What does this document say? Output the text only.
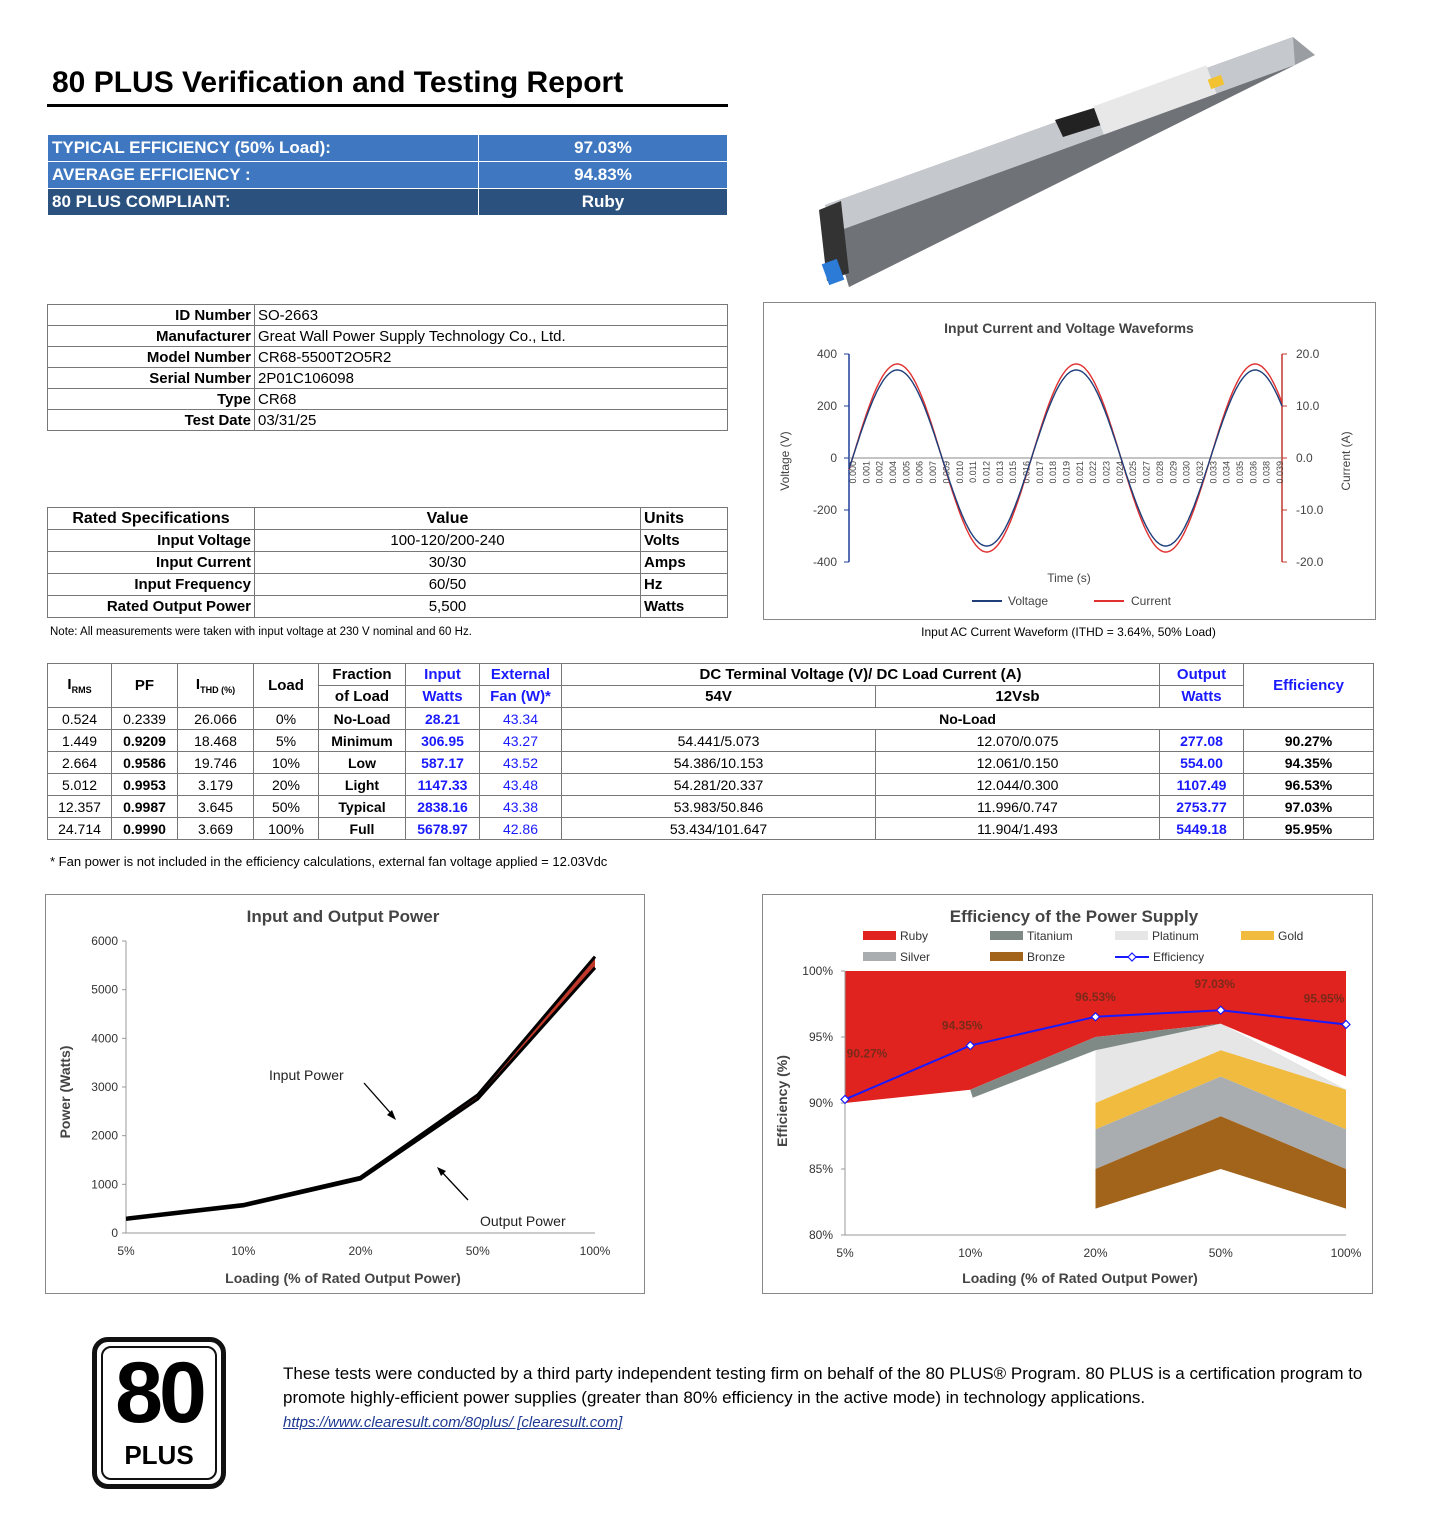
80 PLUS Verification and Testing Report
TYPICAL EFFICIENCY (50% Load):	97.03%
AVERAGE EFFICIENCY :	94.83%
80 PLUS COMPLIANT:	Ruby
ID Number	SO-2663
Manufacturer	Great Wall Power Supply Technology Co., Ltd.
Model Number	CR68-5500T2O5R2
Serial Number	2P01C106098
Type	CR68
Test Date	03/31/25
Rated Specifications	Value	Units
Input Voltage	100-120/200-240	Volts
Input Current	30/30	Amps
Input Frequency	60/50	Hz
Rated Output Power	5,500	Watts
Note: All measurements were taken with input voltage at 230 V nominal and 60 Hz.
Input Current and Voltage Waveforms
Time (s)
Voltage (V)	Current (A)
Voltage	Current
400
200
0
-200
-400
20.0
10.0
0.0
-10.0
-20.0
0.000 0.001 0.002 0.004 0.005 0.006 0.007 0.009 0.010 0.011 0.012 0.013 0.015 0.016 0.017 0.018 0.019 0.021 0.022 0.023 0.024 0.025 0.027 0.028 0.029 0.030 0.032 0.033 0.034 0.035 0.036 0.038 0.039
Input AC Current Waveform (ITHD = 3.64%, 50% Load)
$I_{RMS}$	PF	$I_{THD (\%)}$	Load	Fraction	Input	External	DC Terminal Voltage (V)/ DC Load Current (A)		Output	Efficiency
				of Load	Watts	Fan (W)*	54V	12Vsb	Watts	
0.524	0.2339	26.066	0%	No-Load	28.21	43.34	No-Load			
1.449	0.9209	18.468	5%	Minimum	306.95	43.27	54.441/5.073	12.070/0.075	277.08	90.27%
2.664	0.9586	19.746	10%	Low	587.17	43.52	54.386/10.153	12.061/0.150	554.00	94.35%
5.012	0.9953	3.179	20%	Light	1147.33	43.48	54.281/20.337	12.044/0.300	1107.49	96.53%
12.357	0.9987	3.645	50%	Typical	2838.16	43.38	53.983/50.846	11.996/0.747	2753.77	97.03%
24.714	0.9990	3.669	100%	Full	5678.97	42.86	53.434/101.647	11.904/1.493	5449.18	95.95%
* Fan power is not included in the efficiency calculations, external fan voltage applied = 12.03Vdc
Input and Output Power
Loading (% of Rated Output Power)
Power (Watts)	Input Power
Output Power
0
1000
2000
3000
4000
5000
6000
5%	10%	20%	50%	100%
Efficiency of the Power Supply
Loading (% of Rated Output Power)
Efficiency (%)
Ruby	Titanium	Platinum	Gold
Silver	Bronze	Efficiency
80%
85%
90%
95%
100%
5%	10%	20%	50%	100%
90.27%
94.35%
96.53%
97.03%
95.95%
80
PLUS
These tests were conducted by a third party independent testing firm on behalf of the 80 PLUS® Program. 80 PLUS is a certification program to promote highly-efficient power supplies (greater than 80% efficiency in the active mode) in technology applications.
https://www.clearesult.com/80plus/ [clearesult.com]
